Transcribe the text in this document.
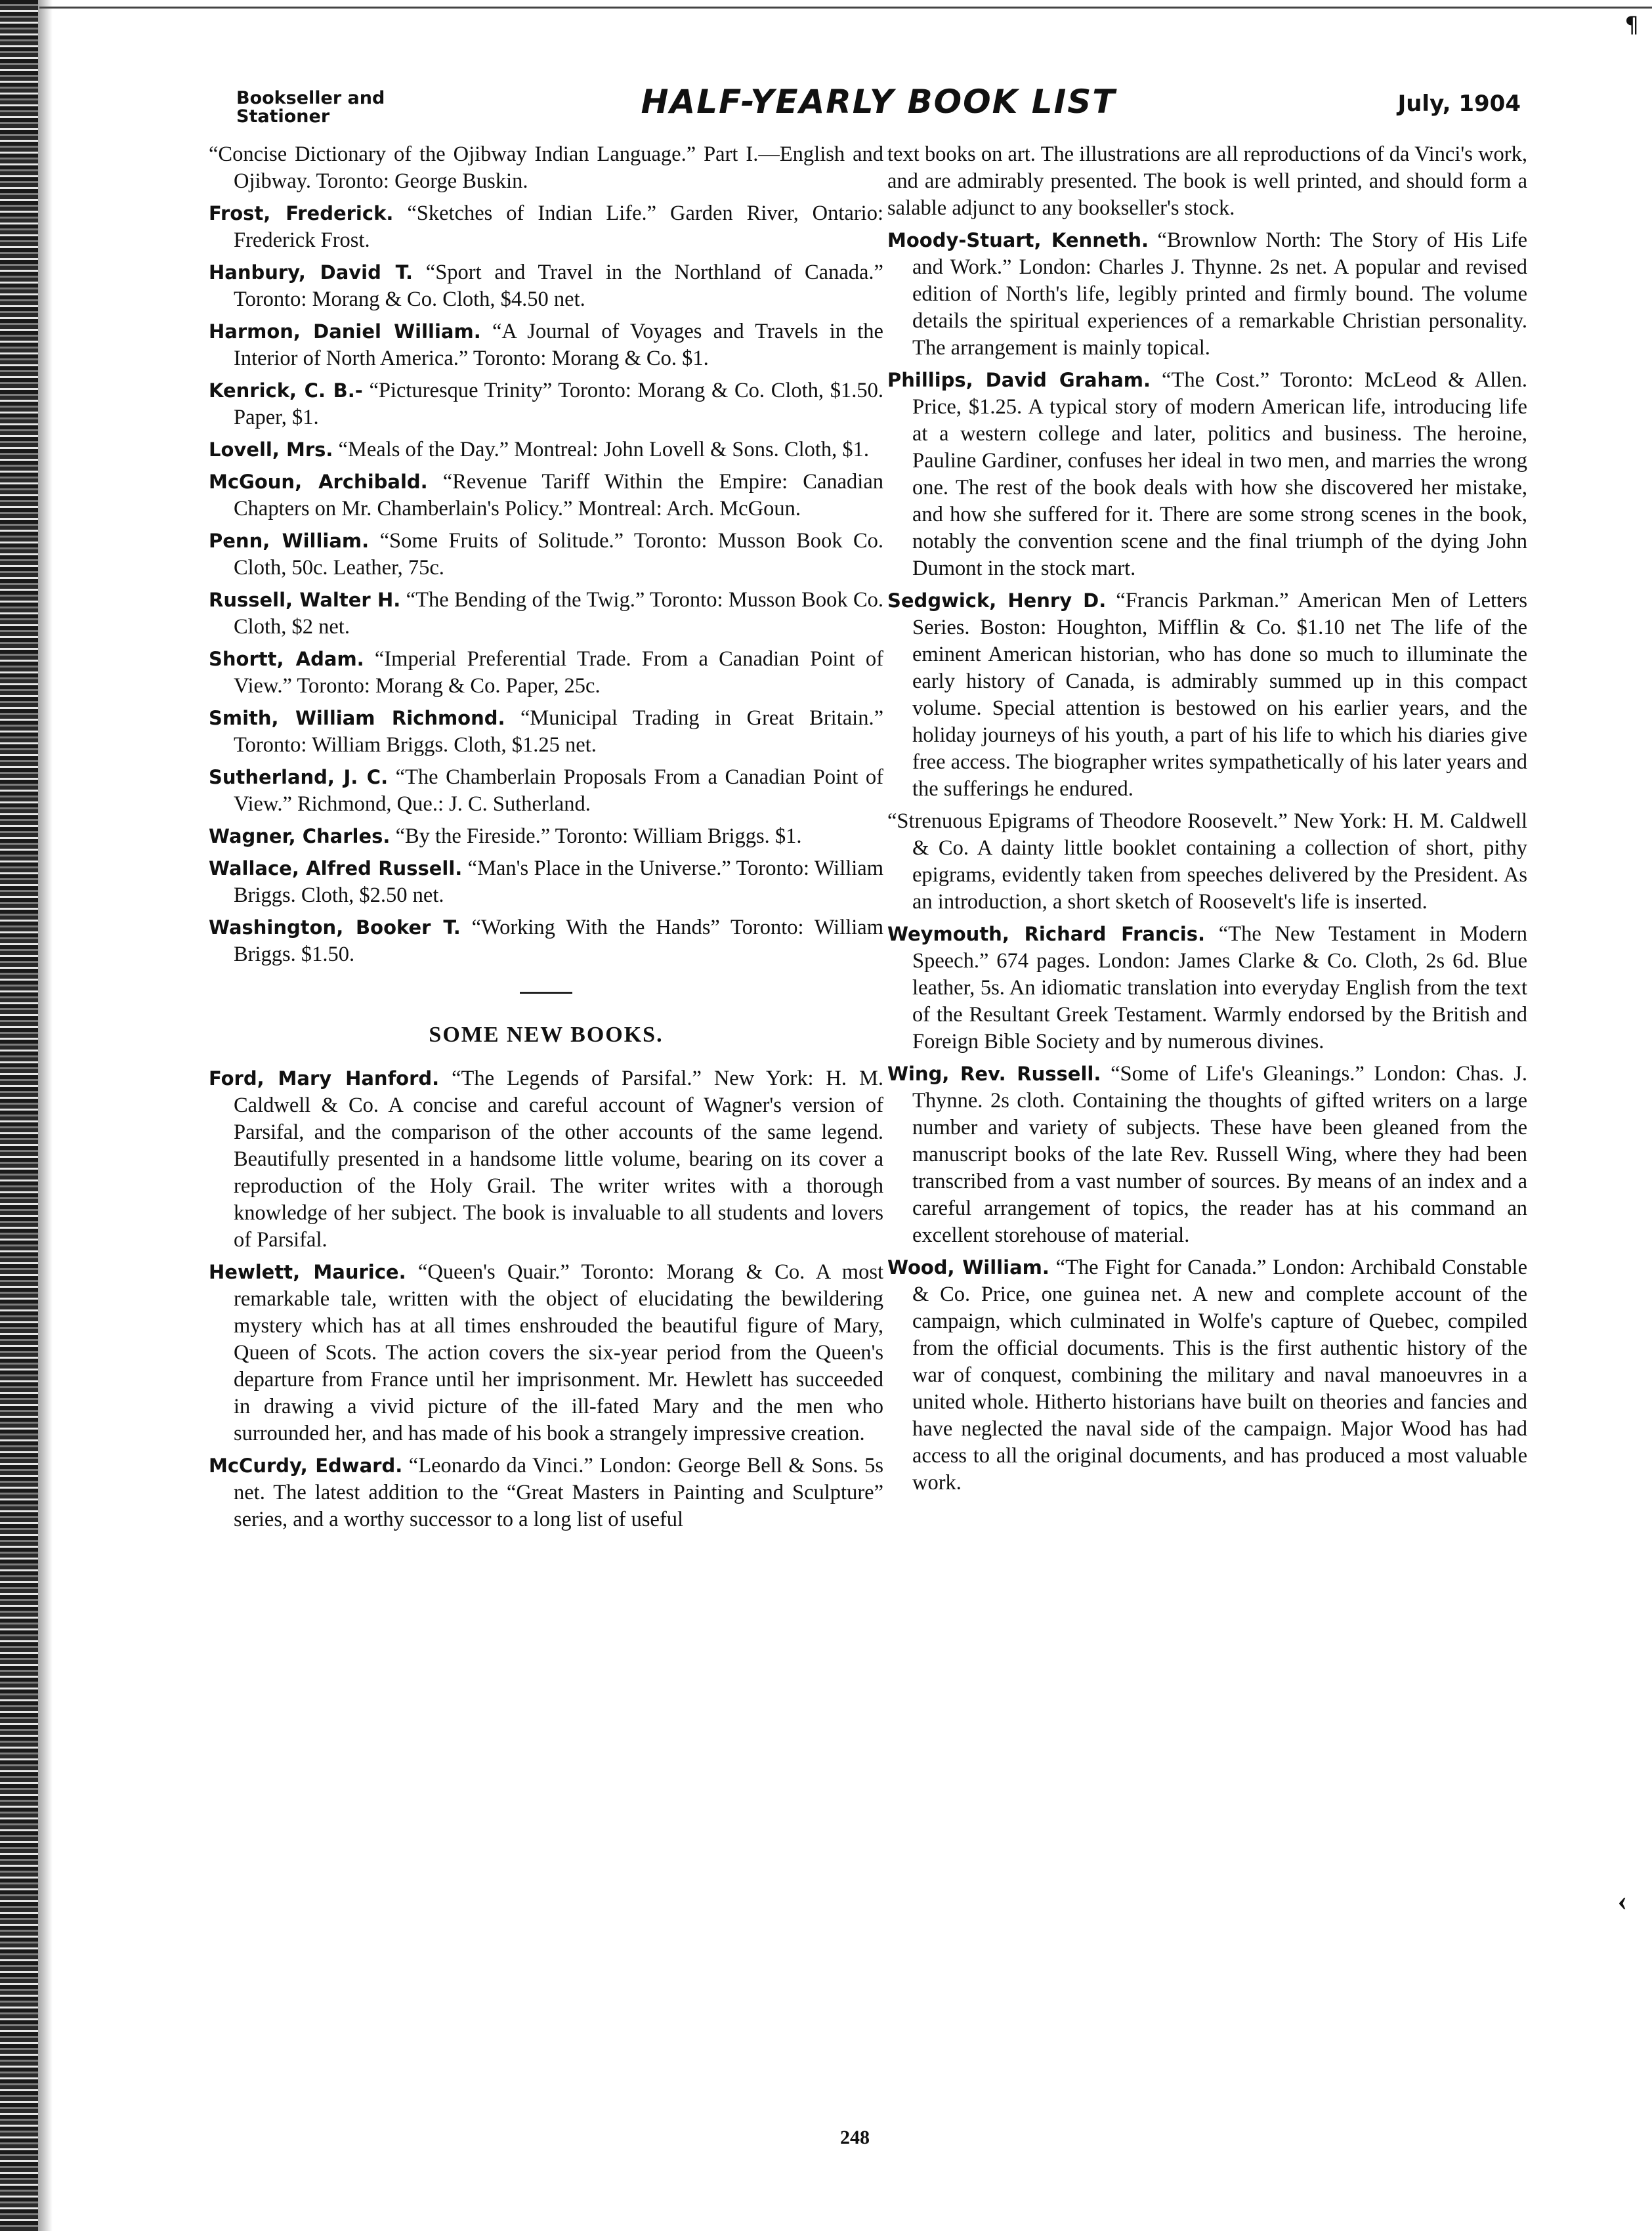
¶
‹
Bookseller and
Stationer	HALF-YEARLY BOOK LIST	July, 1904

“Concise Dictionary of the Ojibway Indian Language.” Part I.—English and Ojibway. Toronto: George Buskin.

Frost, Frederick. “Sketches of Indian Life.” Garden River, Ontario: Frederick Frost.

Hanbury, David T. “Sport and Travel in the Northland of Canada.” Toronto: Morang & Co. Cloth, $4.50 net.

Harmon, Daniel William. “A Journal of Voyages and Travels in the Interior of North America.” Toronto: Morang & Co. $1.

Kenrick, C. B.- “Picturesque Trinity” Toronto: Morang & Co. Cloth, $1.50. Paper, $1.

Lovell, Mrs. “Meals of the Day.” Montreal: John Lovell & Sons. Cloth, $1.

McGoun, Archibald. “Revenue Tariff Within the Empire: Canadian Chapters on Mr. Chamberlain's Policy.” Montreal: Arch. McGoun.

Penn, William. “Some Fruits of Solitude.” Toronto: Musson Book Co. Cloth, 50c. Leather, 75c.

Russell, Walter H. “The Bending of the Twig.” Toronto: Musson Book Co. Cloth, $2 net.

Shortt, Adam. “Imperial Preferential Trade. From a Canadian Point of View.” Toronto: Morang & Co. Paper, 25c.

Smith, William Richmond. “Municipal Trading in Great Britain.” Toronto: William Briggs. Cloth, $1.25 net.

Sutherland, J. C. “The Chamberlain Proposals From a Canadian Point of View.” Richmond, Que.: J. C. Sutherland.

Wagner, Charles. “By the Fireside.” Toronto: William Briggs. $1.

Wallace, Alfred Russell. “Man's Place in the Universe.” Toronto: William Briggs. Cloth, $2.50 net.

Washington, Booker T. “Working With the Hands” Toronto: William Briggs. $1.50.

SOME NEW BOOKS.

Ford, Mary Hanford. “The Legends of Parsifal.” New York: H. M. Caldwell & Co. A concise and careful account of Wagner's version of Parsifal, and the comparison of the other accounts of the same legend. Beautifully presented in a handsome little volume, bearing on its cover a reproduction of the Holy Grail. The writer writes with a thorough knowledge of her subject. The book is invaluable to all students and lovers of Parsifal.

Hewlett, Maurice. “Queen's Quair.” Toronto: Morang & Co. A most remarkable tale, written with the object of elucidating the bewildering mystery which has at all times enshrouded the beautiful figure of Mary, Queen of Scots. The action covers the six-year period from the Queen's departure from France until her imprisonment. Mr. Hewlett has succeeded in drawing a vivid picture of the ill-fated Mary and the men who surrounded her, and has made of his book a strangely impressive creation.

McCurdy, Edward. “Leonardo da Vinci.” London: George Bell & Sons. 5s net. The latest addition to the “Great Masters in Painting and Sculpture” series, and a worthy successor to a long list of useful

text books on art. The illustrations are all reproductions of da Vinci's work, and are admirably presented. The book is well printed, and should form a salable adjunct to any bookseller's stock.

Moody-Stuart, Kenneth. “Brownlow North: The Story of His Life and Work.” London: Charles J. Thynne. 2s net. A popular and revised edition of North's life, legibly printed and firmly bound. The volume details the spiritual experiences of a remarkable Christian personality. The arrangement is mainly topical.

Phillips, David Graham. “The Cost.” Toronto: McLeod & Allen. Price, $1.25. A typical story of modern American life, introducing life at a western college and later, politics and business. The heroine, Pauline Gardiner, confuses her ideal in two men, and marries the wrong one. The rest of the book deals with how she discovered her mistake, and how she suffered for it. There are some strong scenes in the book, notably the convention scene and the final triumph of the dying John Dumont in the stock mart.

Sedgwick, Henry D. “Francis Parkman.” American Men of Letters Series. Boston: Houghton, Mifflin & Co. $1.10 net The life of the eminent American historian, who has done so much to illuminate the early history of Canada, is admirably summed up in this compact volume. Special attention is bestowed on his earlier years, and the holiday journeys of his youth, a part of his life to which his diaries give free access. The biographer writes sympathetically of his later years and the sufferings he endured.

“Strenuous Epigrams of Theodore Roosevelt.” New York: H. M. Caldwell & Co. A dainty little booklet containing a collection of short, pithy epigrams, evidently taken from speeches delivered by the President. As an introduction, a short sketch of Roosevelt's life is inserted.

Weymouth, Richard Francis. “The New Testament in Modern Speech.” 674 pages. London: James Clarke & Co. Cloth, 2s 6d. Blue leather, 5s. An idiomatic translation into everyday English from the text of the Resultant Greek Testament. Warmly endorsed by the British and Foreign Bible Society and by numerous divines.

Wing, Rev. Russell. “Some of Life's Gleanings.” London: Chas. J. Thynne. 2s cloth. Containing the thoughts of gifted writers on a large number and variety of subjects. These have been gleaned from the manuscript books of the late Rev. Russell Wing, where they had been transcribed from a vast number of sources. By means of an index and a careful arrangement of topics, the reader has at his command an excellent storehouse of material.

Wood, William. “The Fight for Canada.” London: Archibald Constable & Co. Price, one guinea net. A new and complete account of the campaign, which culminated in Wolfe's capture of Quebec, compiled from the official documents. This is the first authentic history of the war of conquest, combining the military and naval manoeuvres in a united whole. Hitherto historians have built on theories and fancies and have neglected the naval side of the campaign. Major Wood has had access to all the original documents, and has produced a most valuable work.

248
